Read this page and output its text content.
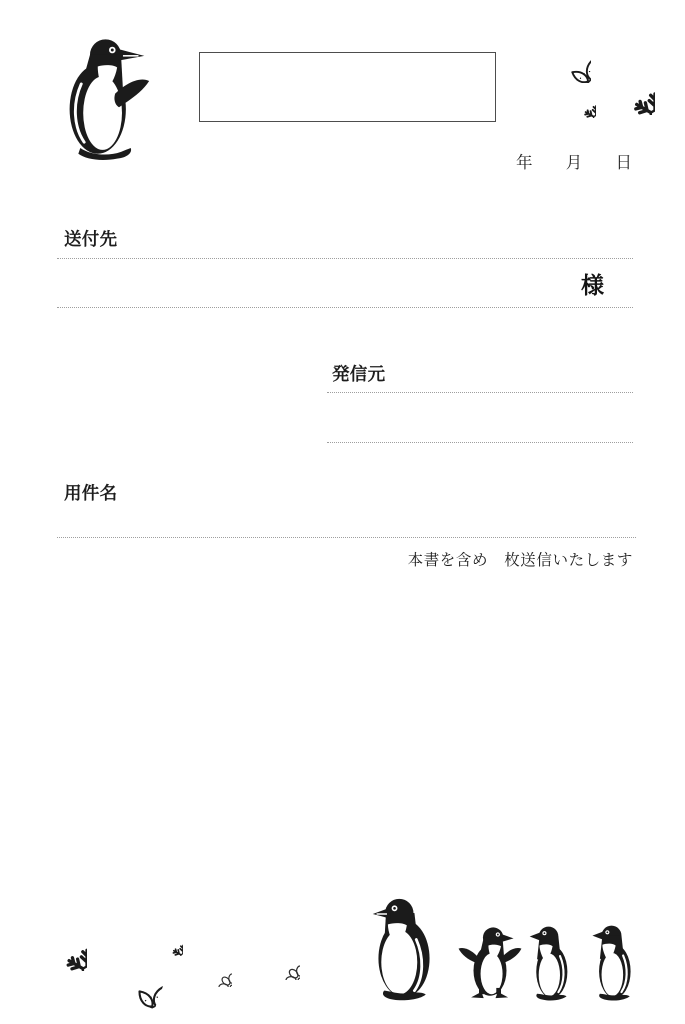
年 月 日
送付先
様
発信元
用件名
本書を含め　枚送信いたします
